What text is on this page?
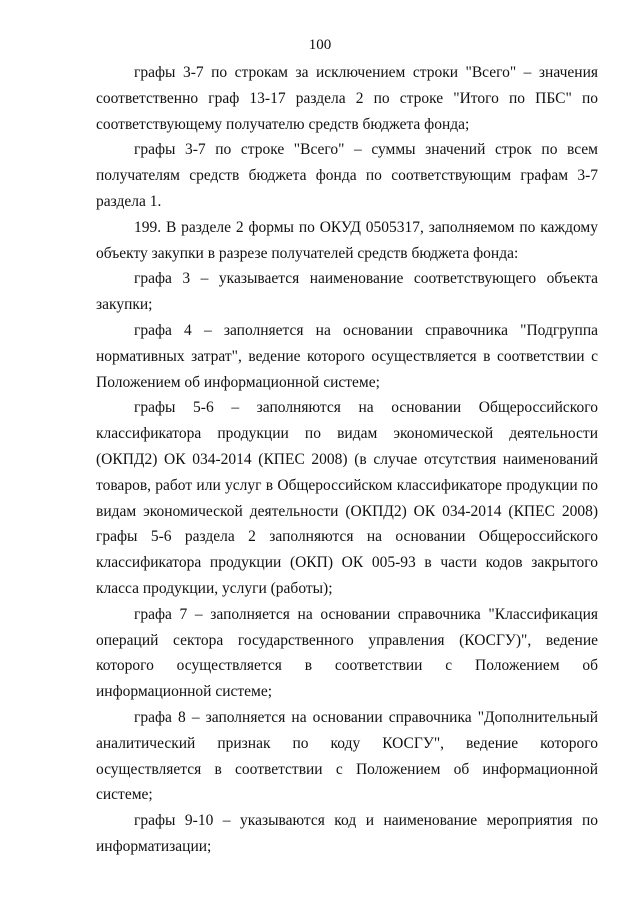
100

графы 3-7 по строкам за исключением строки "Всего" – значения соответственно граф 13-17 раздела 2 по строке "Итого по ПБС" по соответствующему получателю средств бюджета фонда;

графы 3-7 по строке "Всего" – суммы значений строк по всем получателям средств бюджета фонда по соответствующим графам 3-7 раздела 1.

199. В разделе 2 формы по ОКУД 0505317, заполняемом по каждому объекту закупки в разрезе получателей средств бюджета фонда:

графа 3 – указывается наименование соответствующего объекта закупки;

графа 4 – заполняется на основании справочника "Подгруппа нормативных затрат", ведение которого осуществляется в соответствии с Положением об информационной системе;

графы 5-6 – заполняются на основании Общероссийского классификатора продукции по видам экономической деятельности (ОКПД2) ОК 034-2014 (КПЕС 2008) (в случае отсутствия наименований товаров, работ или услуг в Общероссийском классификаторе продукции по видам экономической деятельности (ОКПД2) ОК 034-2014 (КПЕС 2008) графы 5-6 раздела 2 заполняются на основании Общероссийского классификатора продукции (ОКП) ОК 005-93 в части кодов закрытого класса продукции, услуги (работы);

графа 7 – заполняется на основании справочника "Классификация операций сектора государственного управления (КОСГУ)", ведение которого осуществляется в соответствии с Положением об информационной системе;

графа 8 – заполняется на основании справочника "Дополнительный аналитический признак по коду КОСГУ", ведение которого осуществляется в соответствии с Положением об информационной системе;

графы 9-10 – указываются код и наименование мероприятия по информатизации;
